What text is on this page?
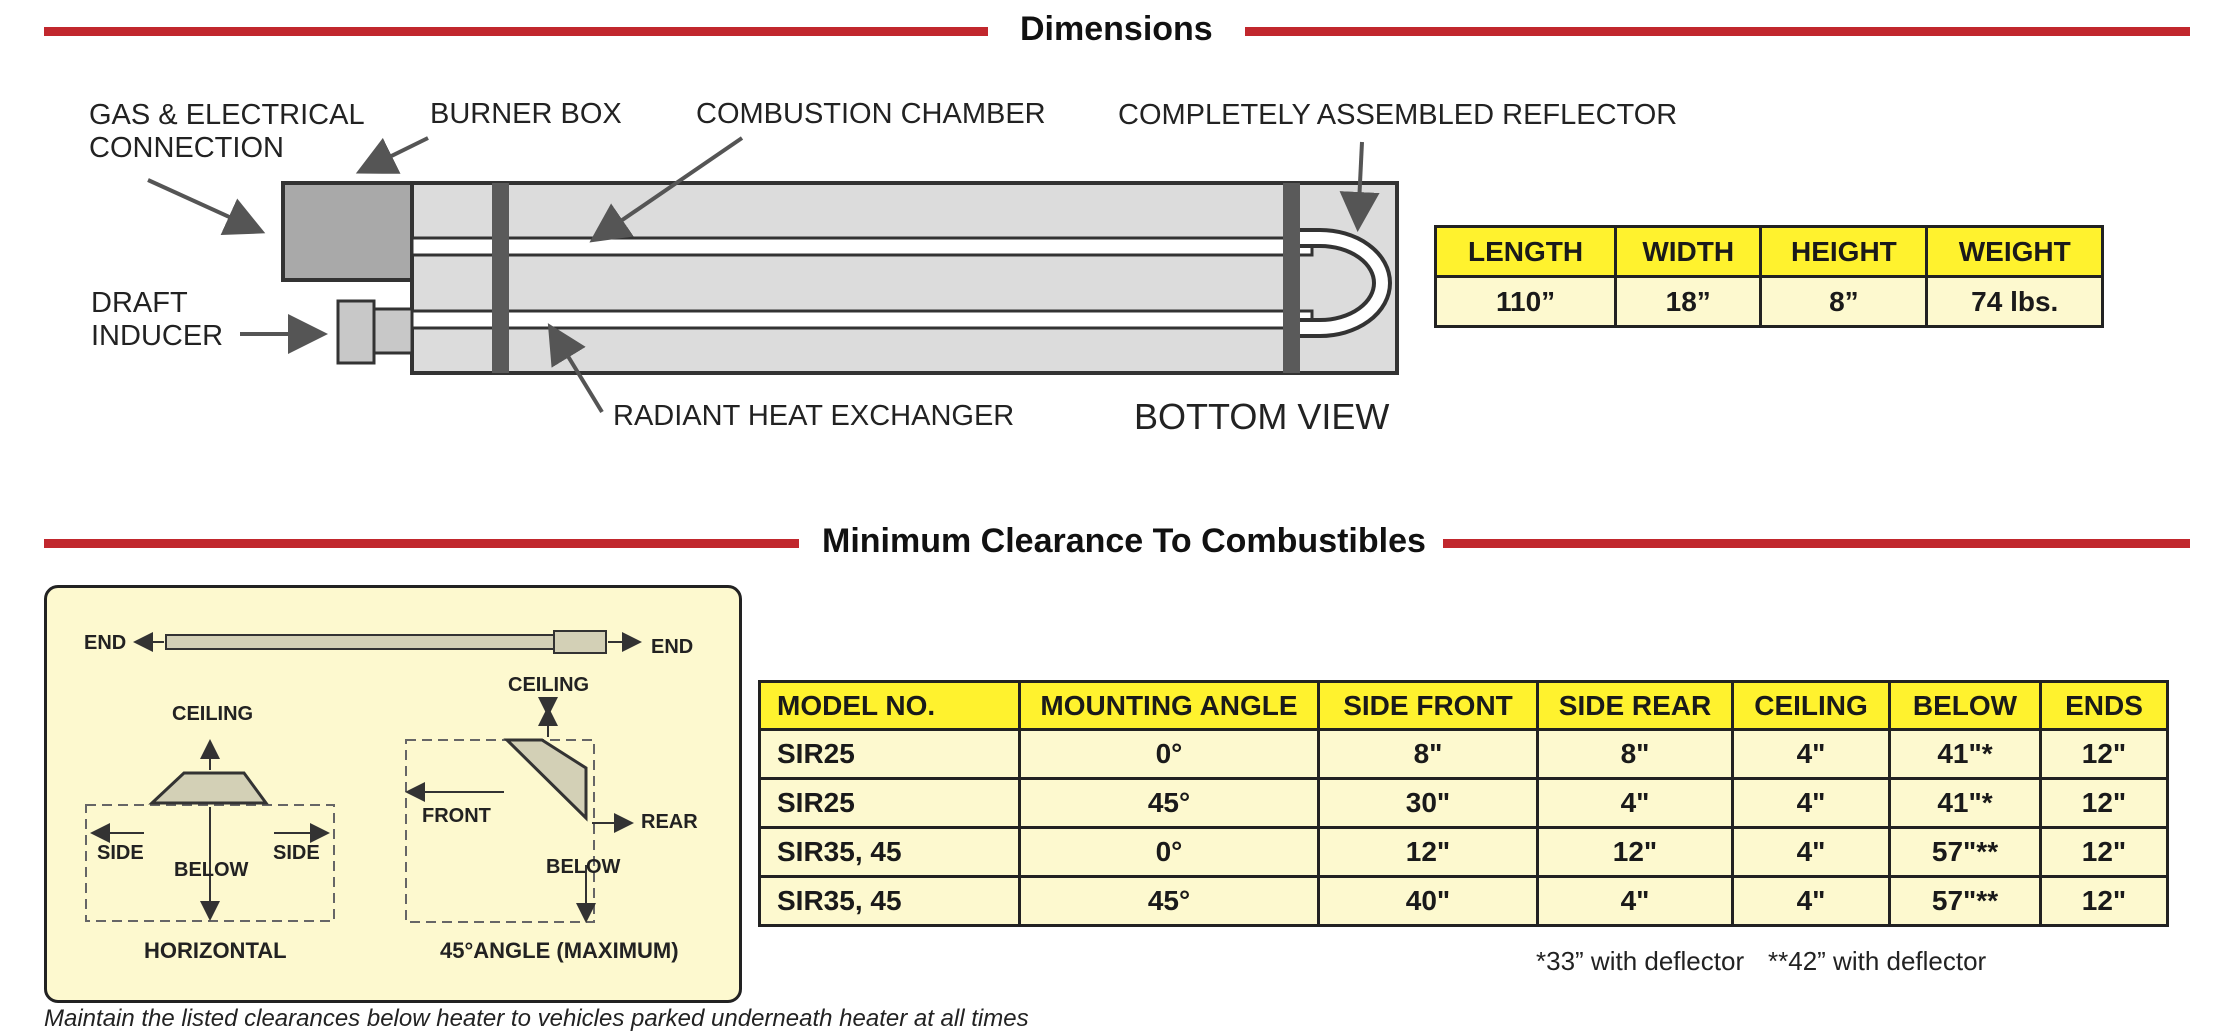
Dimensions
GAS & ELECTRICAL
CONNECTION
BURNER BOX	COMBUSTION CHAMBER COMPLETELY ASSEMBLED REFLECTOR
DRAFT
INDUCER
RADIANT HEAT EXCHANGER	BOTTOM VIEW
LENGTH	WIDTH	HEIGHT	WEIGHT
110”	18”	8”	74 lbs.
Minimum Clearance To Combustibles
END	END
CEILING
CEILING
SIDE	SIDE
BELOW
FRONT	REAR
BELOW
HORIZONTAL	45°ANGLE (MAXIMUM)
MODEL NO.	MOUNTING ANGLE	SIDE FRONT	SIDE REAR	CEILING	BELOW	ENDS
SIR25	0°	8"	8"	4"	41"*	12"
SIR25	45°	30"	4"	4"	41"*	12"
SIR35, 45	0°	12"	12"	4"	57"**	12"
SIR35, 45	45°	40"	4"	4"	57"**	12"
*33” with deflector **42” with deflector
Maintain the listed clearances below heater to vehicles parked underneath heater at all times
